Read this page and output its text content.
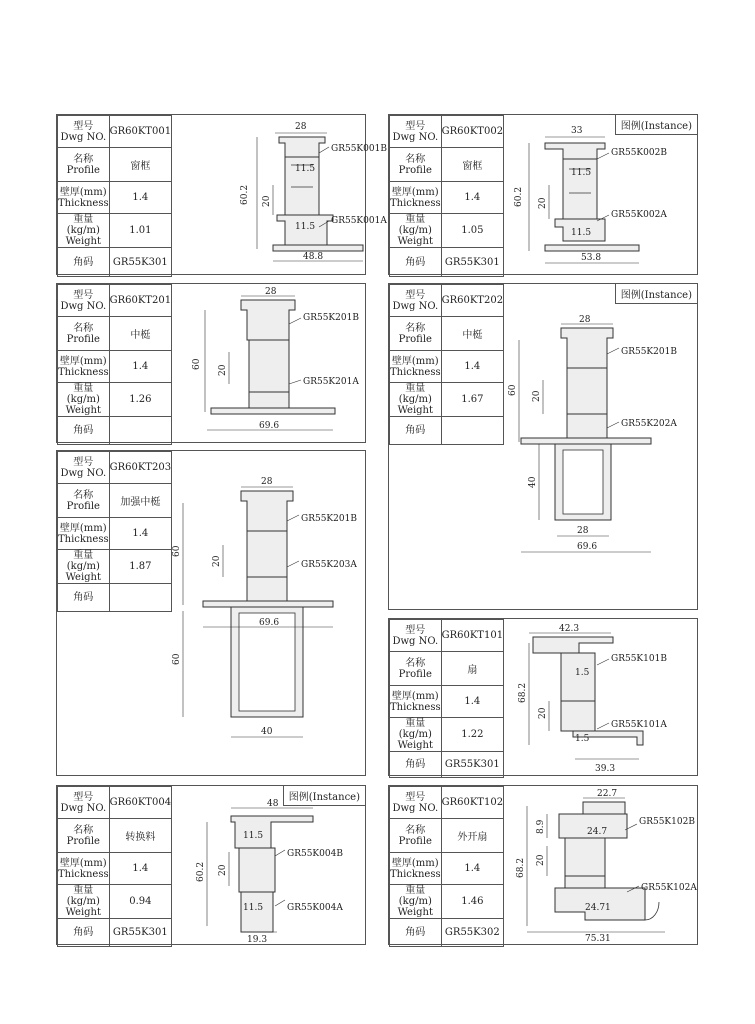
型号
Dwg NO.	GR60KT001
名称
Profile	窗框
壁厚(mm)
Thickness	1.4
重量(kg/m)
Weight	1.01
角码	GR55K301
28
60.2 20
11.5
11.5
48.8
GR55K001B
GR55K001A
型号
Dwg NO.	GR60KT002
名称
Profile	窗框
壁厚(mm)
Thickness	1.4
重量(kg/m)
Weight	1.05
角码	GR55K301
图例(Instance)
33
60.2 20
11.5
11.5
53.8
GR55K002B
GR55K002A
型号
Dwg NO.	GR60KT201
名称
Profile	中梃
壁厚(mm)
Thickness	1.4
重量(kg/m)
Weight	1.26
角码	
28
60
20
69.6
GR55K201B
GR55K201A
型号
Dwg NO.	GR60KT202
名称
Profile	中梃
壁厚(mm)
Thickness	1.4
重量(kg/m)
Weight	1.67
角码	
图例(Instance)
28
60
20
40
28
69.6
GR55K201B
GR55K202A
型号
Dwg NO.	GR60KT203
名称
Profile	加强中梃
壁厚(mm)
Thickness	1.4
重量(kg/m)
Weight	1.87
角码	
28
60
20
69.6
60
40
GR55K201B
GR55K203A
型号
Dwg NO.	GR60KT101
名称
Profile	扇
壁厚(mm)
Thickness	1.4
重量(kg/m)
Weight	1.22
角码	GR55K301
42.3
68.2
20
1.5
1.5
39.3
GR55K101B
GR55K101A
型号
Dwg NO.	GR60KT004
名称
Profile	转换料
壁厚(mm)
Thickness	1.4
重量(kg/m)
Weight	0.94
角码	GR55K301
图例(Instance)
48
60.2 20
11.5
11.5
19.3
GR55K004B
GR55K004A
型号
Dwg NO.	GR60KT102
名称
Profile	外开扇
壁厚(mm)
Thickness	1.4
重量(kg/m)
Weight	1.46
角码	GR55K302
22.7
68.2
8.9
20
24.7
24.71
75.31
GR55K102B
GR55K102A
